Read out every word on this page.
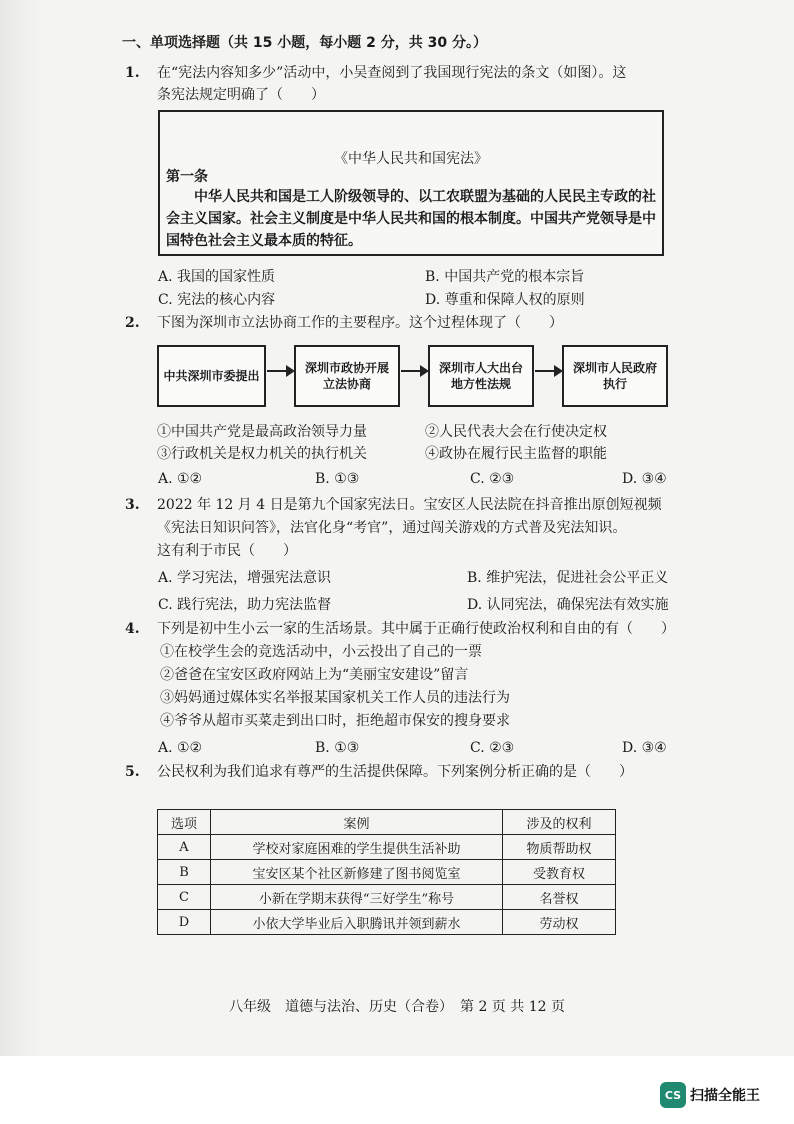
一、单项选择题（共 15 小题，每小题 2 分，共 30 分。）
1. 在“宪法内容知多少”活动中，小吴查阅到了我国现行宪法的条文（如图）。这
条宪法规定明确了（　　）
《中华人民共和国宪法》
第一条
中华人民共和国是工人阶级领导的、以工农联盟为基础的人民民主专政的社会主义国家。社会主义制度是中华人民共和国的根本制度。中国共产党领导是中国特色社会主义最本质的特征。
A. 我国的国家性质	B. 中国共产党的根本宗旨
C. 宪法的核心内容	D. 尊重和保障人权的原则
2. 下图为深圳市立法协商工作的主要程序。这个过程体现了（　　）
中共深圳市委提出
深圳市政协开展立法协商
深圳市人大出台地方性法规
深圳市人民政府执行
①中国共产党是最高政治领导力量	②人民代表大会在行使决定权
③行政机关是权力机关的执行机关	④政协在履行民主监督的职能
A. ①②	B. ①③	C. ②③	D. ③④
3. 2022 年 12 月 4 日是第九个国家宪法日。宝安区人民法院在抖音推出原创短视频
《宪法日知识问答》，法官化身“考官”，通过闯关游戏的方式普及宪法知识。
这有利于市民（　　）
A. 学习宪法，增强宪法意识	B. 维护宪法，促进社会公平正义
C. 践行宪法，助力宪法监督	D. 认同宪法，确保宪法有效实施
4. 下列是初中生小云一家的生活场景。其中属于正确行使政治权利和自由的有（　　）
①在校学生会的竞选活动中，小云投出了自己的一票
②爸爸在宝安区政府网站上为“美丽宝安建设”留言
③妈妈通过媒体实名举报某国家机关工作人员的违法行为
④爷爷从超市买菜走到出口时，拒绝超市保安的搜身要求
A. ①②	B. ①③	C. ②③	D. ③④
5. 公民权利为我们追求有尊严的生活提供保障。下列案例分析正确的是（　　）
选项	案例	涉及的权利
A	学校对家庭困难的学生提供生活补助	物质帮助权
B	宝安区某个社区新修建了图书阅览室	受教育权
C	小新在学期末获得“三好学生”称号	名誉权
D	小依大学毕业后入职腾讯并领到薪水	劳动权
八年级　道德与法治、历史（合卷）　第 2 页 共 12 页
CS 扫描全能王
